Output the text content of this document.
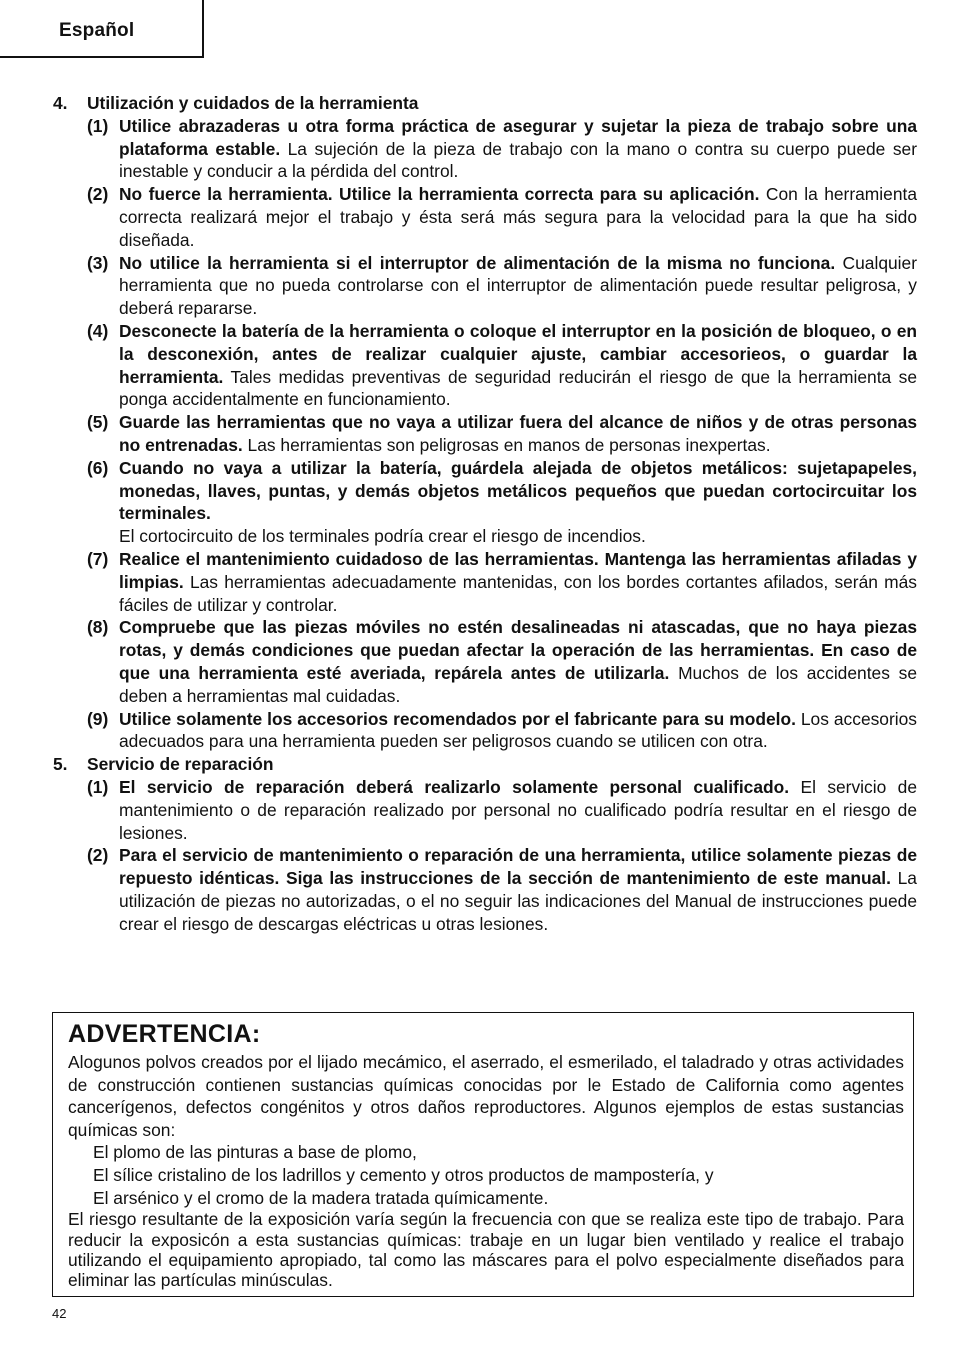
Español
4.	Utilización y cuidados de la herramienta
(1) Utilice abrazaderas u otra forma práctica de asegurar y sujetar la pieza de trabajo sobre una plataforma estable. La sujeción de la pieza de trabajo con la mano o contra su cuerpo puede ser inestable y conducir a la pérdida del control.
(2) No fuerce la herramienta. Utilice la herramienta correcta para su aplicación. Con la herramienta correcta realizará mejor el trabajo y ésta será más segura para la velocidad para la que ha sido diseñada.
(3) No utilice la herramienta si el interruptor de alimentación de la misma no funciona. Cualquier herramienta que no pueda controlarse con el interruptor de alimentación puede resultar peligrosa, y deberá repararse.
(4) Desconecte la batería de la herramienta o coloque el interruptor en la posición de bloqueo, o en la desconexión, antes de realizar cualquier ajuste, cambiar accesorieos, o guardar la herramienta. Tales medidas preventivas de seguridad reducirán el riesgo de que la herramienta se ponga accidentalmente en funcionamiento.
(5) Guarde las herramientas que no vaya a utilizar fuera del alcance de niños y de otras personas no entrenadas. Las herramientas son peligrosas en manos de personas inexpertas.
(6) Cuando no vaya a utilizar la batería, guárdela alejada de objetos metálicos: sujetapapeles, monedas, llaves, puntas, y demás objetos metálicos pequeños que puedan cortocircuitar los terminales.
El cortocircuito de los terminales podría crear el riesgo de incendios.
(7) Realice el mantenimiento cuidadoso de las herramientas. Mantenga las herramientas afiladas y limpias. Las herramientas adecuadamente mantenidas, con los bordes cortantes afilados, serán más fáciles de utilizar y controlar.
(8) Compruebe que las piezas móviles no estén desalineadas ni atascadas, que no haya piezas rotas, y demás condiciones que puedan afectar la operación de las herramientas. En caso de que una herramienta esté averiada, repárela antes de utilizarla. Muchos de los accidentes se deben a herramientas mal cuidadas.
(9) Utilice solamente los accesorios recomendados por el fabricante para su modelo. Los accesorios adecuados para una herramienta pueden ser peligrosos cuando se utilicen con otra.
5.	Servicio de reparación
(1) El servicio de reparación deberá realizarlo solamente personal cualificado. El servicio de mantenimiento o de reparación realizado por personal no cualificado podría resultar en el riesgo de lesiones.
(2) Para el servicio de mantenimiento o reparación de una herramienta, utilice solamente piezas de repuesto idénticas. Siga las instrucciones de la sección de mantenimiento de este manual. La utilización de piezas no autorizadas, o el no seguir las indicaciones del Manual de instrucciones puede crear el riesgo de descargas eléctricas u otras lesiones.
ADVERTENCIA:
Alogunos polvos creados por el lijado mecámico, el aserrado, el esmerilado, el taladrado y otras actividades de construcción contienen sustancias químicas conocidas por le Estado de California como agentes cancerígenos, defectos congénitos y otros daños reproductores. Algunos ejemplos de estas sustancias químicas son:
El plomo de las pinturas a base de plomo,
El sílice cristalino de los ladrillos y cemento y otros productos de mampostería, y
El arsénico y el cromo de la madera tratada químicamente.
El riesgo resultante de la exposición varía según la frecuencia con que se realiza este tipo de trabajo. Para reducir la exposicón a esta sustancias químicas: trabaje en un lugar bien ventilado y realice el trabajo utilizando el equipamiento apropiado, tal como las máscares para el polvo especialmente diseñados para eliminar las partículas minúsculas.
42
